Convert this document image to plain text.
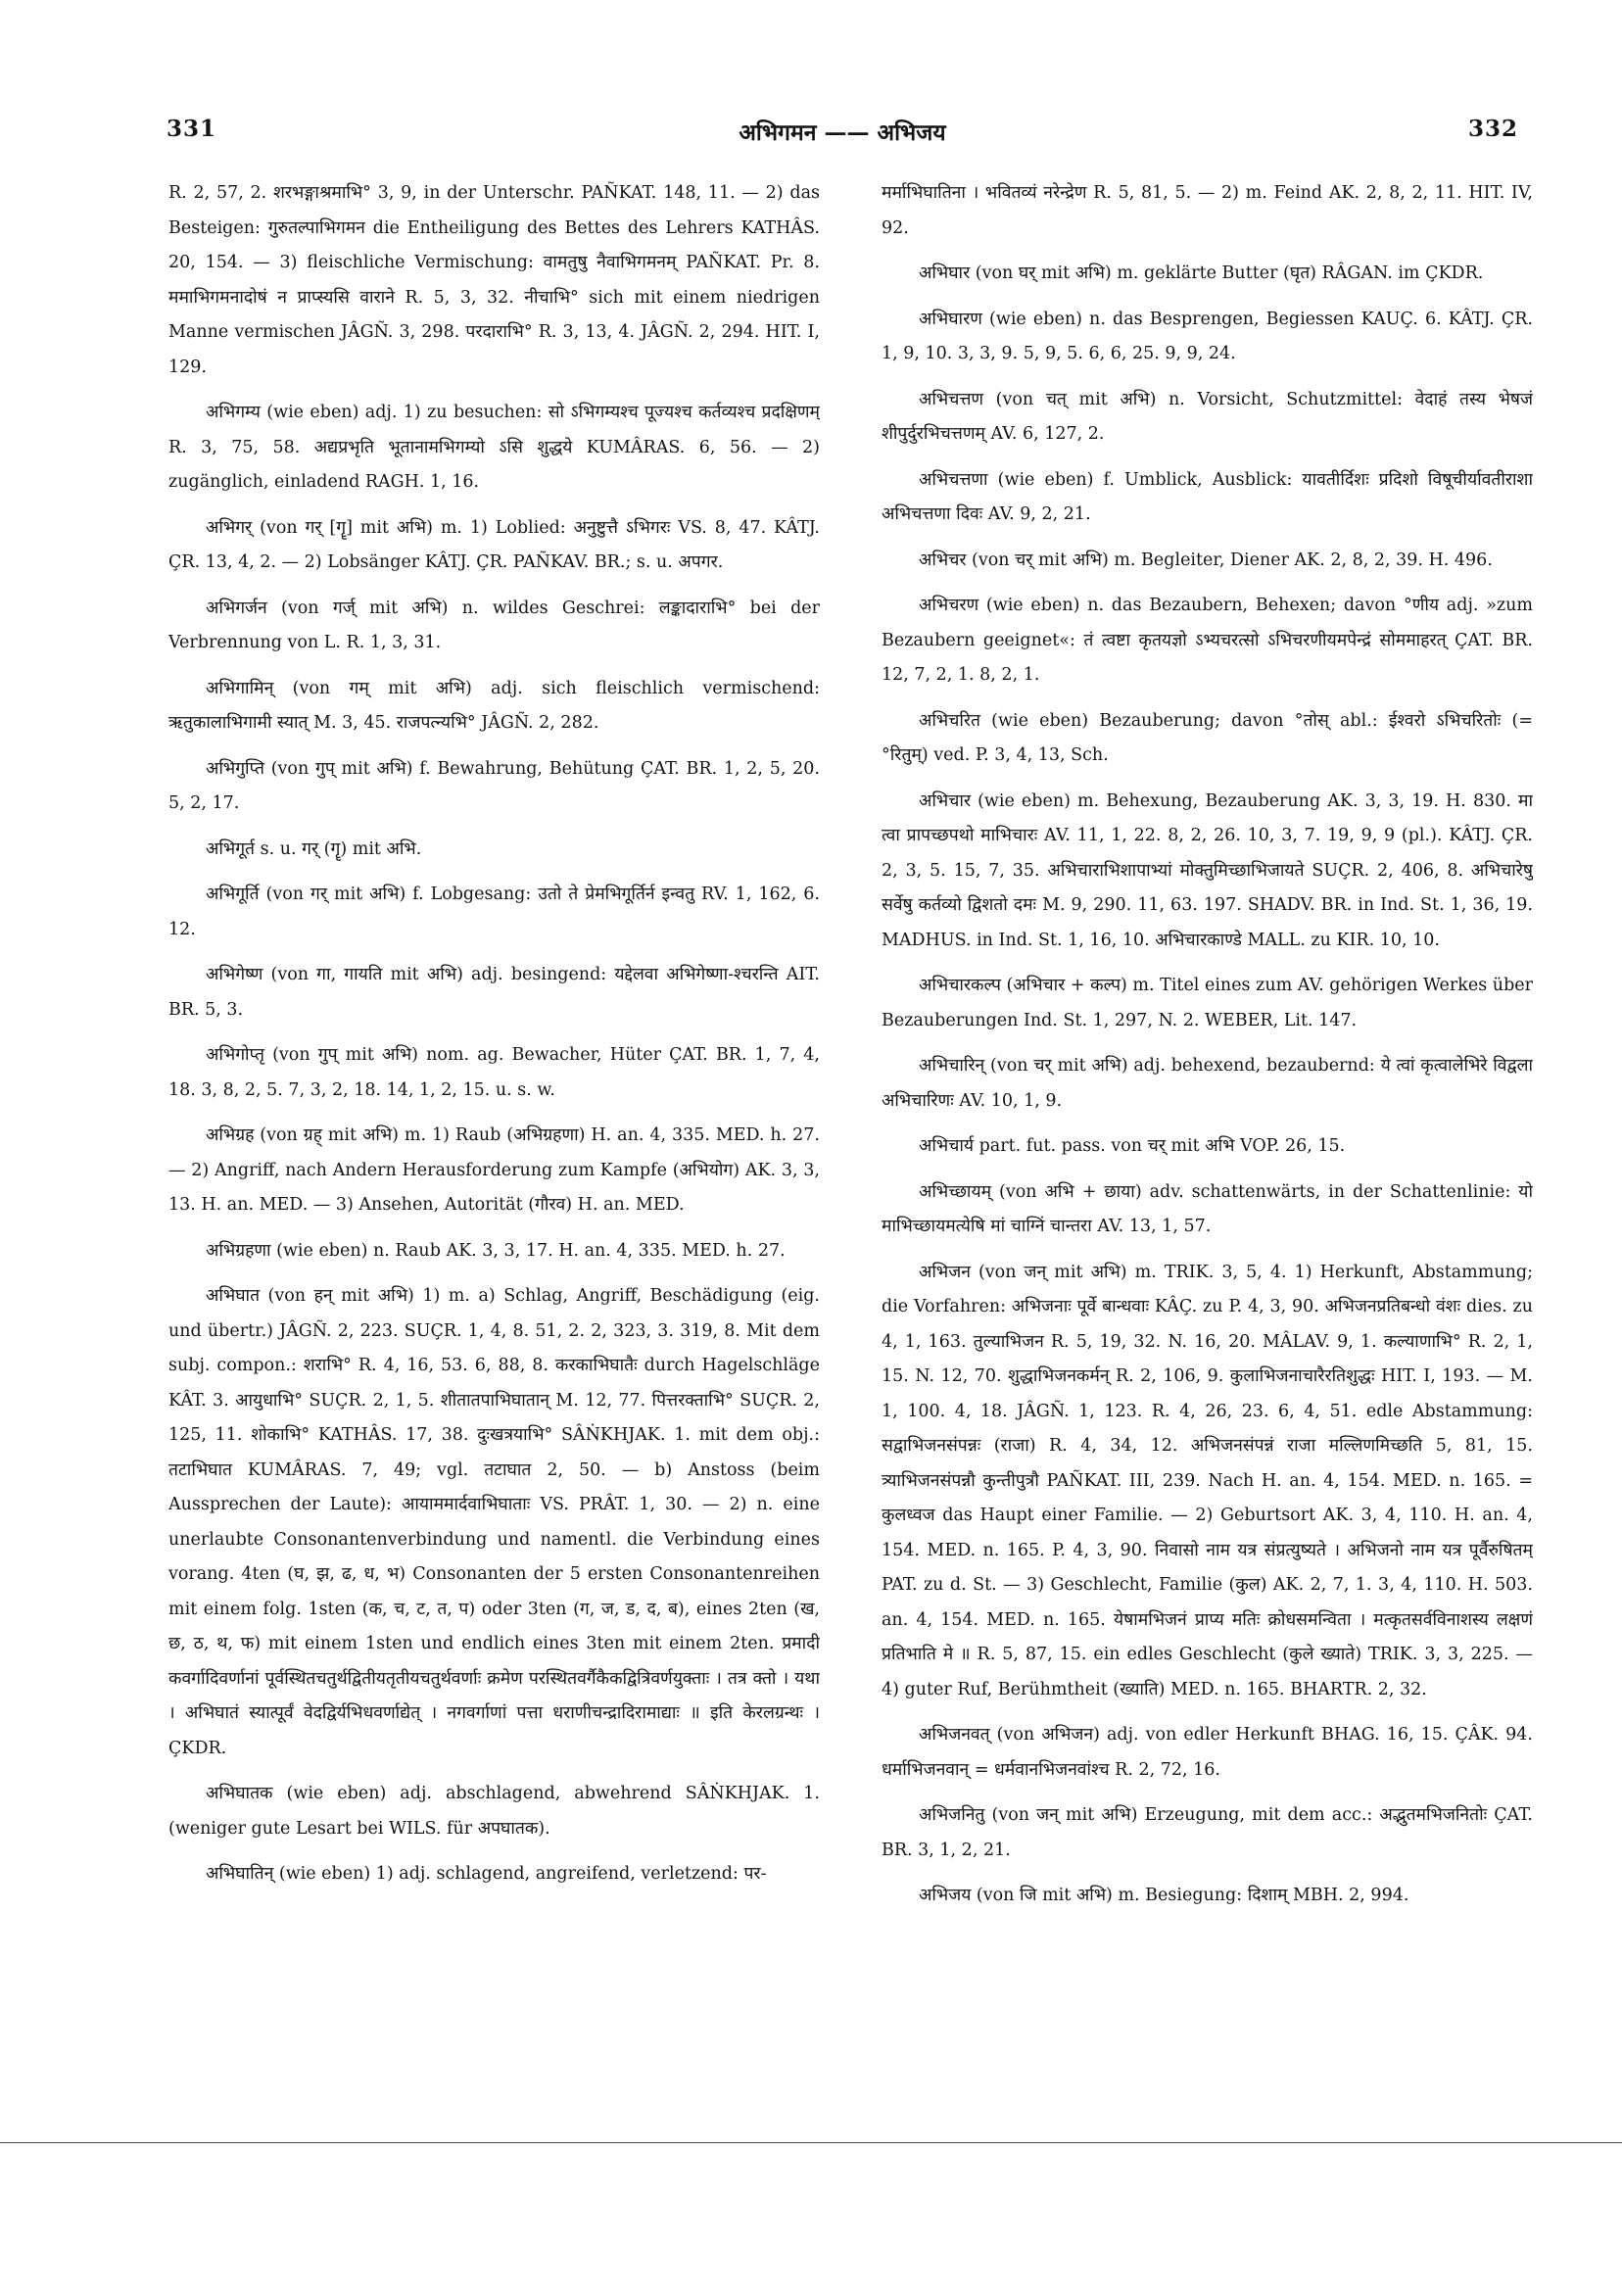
331	अभिगमन —— अभिजय	332

R. 2, 57, 2. शरभङ्गाश्रमाभि° 3, 9, in der Unterschr. PAÑKAT. 148, 11. — 2) das Besteigen: गुरुतल्पाभिगमन die Entheiligung des Bettes des Lehrers KATHÂS. 20, 154. — 3) fleischliche Vermischung: वामतुषु नैवाभिगमनम् PAÑKAT. Pr. 8. ममाभिगमनादोषं न प्राप्स्यसि वाराने R. 5, 3, 32. नीचाभि° sich mit einem niedrigen Manne vermischen JÂGÑ. 3, 298. परदाराभि° R. 3, 13, 4. JÂGÑ. 2, 294. HIT. I, 129.

अभिगम्य (wie eben) adj. 1) zu besuchen: सो ऽभिगम्यश्च पूज्यश्च कर्तव्यश्च प्रदक्षिणम् R. 3, 75, 58. अद्यप्रभृति भूतानामभिगम्यो ऽसि शुद्धये KUMÂRAS. 6, 56. — 2) zugänglich, einladend RAGH. 1, 16.

अभिगर् (von गर् [गॄ] mit अभि) m. 1) Loblied: अनुष्टुत्तै ऽभिगरः VS. 8, 47. KÂTJ. ÇR. 13, 4, 2. — 2) Lobsänger KÂTJ. ÇR. PAÑKAV. BR.; s. u. अपगर.

अभिगर्जन (von गर्ज् mit अभि) n. wildes Geschrei: लङ्कादाराभि° bei der Verbrennung von L. R. 1, 3, 31.

अभिगामिन् (von गम् mit अभि) adj. sich fleischlich vermischend: ऋतुकालाभिगामी स्यात् M. 3, 45. राजपत्न्यभि° JÂGÑ. 2, 282.

अभिगुप्ति (von गुप् mit अभि) f. Bewahrung, Behütung ÇAT. BR. 1, 2, 5, 20. 5, 2, 17.

अभिगूर्त s. u. गर् (गॄ) mit अभि.

अभिगूर्ति (von गर् mit अभि) f. Lobgesang: उतो ते प्रेमभिगूर्तिर्न इन्वतु RV. 1, 162, 6. 12.

अभिगेष्ण (von गा, गायति mit अभि) adj. besingend: यद्देलवा अभिगेष्णा-श्चरन्ति AIT. BR. 5, 3.

अभिगोप्तृ (von गुप् mit अभि) nom. ag. Bewacher, Hüter ÇAT. BR. 1, 7, 4, 18. 3, 8, 2, 5. 7, 3, 2, 18. 14, 1, 2, 15. u. s. w.

अभिग्रह (von ग्रह् mit अभि) m. 1) Raub (अभिग्रहणा) H. an. 4, 335. MED. h. 27. — 2) Angriff, nach Andern Herausforderung zum Kampfe (अभियोग) AK. 3, 3, 13. H. an. MED. — 3) Ansehen, Autorität (गौरव) H. an. MED.

अभिग्रहणा (wie eben) n. Raub AK. 3, 3, 17. H. an. 4, 335. MED. h. 27.

अभिघात (von हन् mit अभि) 1) m. a) Schlag, Angriff, Beschädigung (eig. und übertr.) JÂGÑ. 2, 223. SUÇR. 1, 4, 8. 51, 2. 2, 323, 3. 319, 8. Mit dem subj. compon.: शराभि° R. 4, 16, 53. 6, 88, 8. करकाभिघातैः durch Hagelschläge KÂT. 3. आयुधाभि° SUÇR. 2, 1, 5. शीतातपाभिघातान् M. 12, 77. पित्तरक्ताभि° SUÇR. 2, 125, 11. शोकाभि° KATHÂS. 17, 38. दुःखत्रयाभि° SÂṄKHJAK. 1. mit dem obj.: तटाभिघात KUMÂRAS. 7, 49; vgl. तटाघात 2, 50. — b) Anstoss (beim Aussprechen der Laute): आयाममार्दवाभिघाताः VS. PRÂT. 1, 30. — 2) n. eine unerlaubte Consonantenverbindung und namentl. die Verbindung eines vorang. 4ten (घ, झ, ढ, ध, भ) Consonanten der 5 ersten Consonantenreihen mit einem folg. 1sten (क, च, ट, त, प) oder 3ten (ग, ज, ड, द, ब), eines 2ten (ख, छ, ठ, थ, फ) mit einem 1sten und endlich eines 3ten mit einem 2ten. प्रमादी कवर्गादिवर्णानां पूर्वस्थितचतुर्थद्वितीयतृतीयचतुर्थवर्णाः क्रमेण परस्थितवर्गैकैकद्वित्रिवर्णयुक्ताः । तत्र क्तो । यथा । अभिघातं स्यात्पूर्वं वेदद्विर्यभिधवर्णाद्येत् । नगवर्गाणां पत्ता धराणीचन्द्रादिरामाद्याः ॥ इति केरलग्रन्थः । ÇKDR.

अभिघातक (wie eben) adj. abschlagend, abwehrend SÂṄKHJAK. 1. (weniger gute Lesart bei WILS. für अपघातक).

अभिघातिन् (wie eben) 1) adj. schlagend, angreifend, verletzend: पर-

मर्माभिघातिना । भवितव्यं नरेन्द्रेण R. 5, 81, 5. — 2) m. Feind AK. 2, 8, 2, 11. HIT. IV, 92.

अभिघार (von घर् mit अभि) m. geklärte Butter (घृत) RÂGAN. im ÇKDR.

अभिघारण (wie eben) n. das Besprengen, Begiessen KAUÇ. 6. KÂTJ. ÇR. 1, 9, 10. 3, 3, 9. 5, 9, 5. 6, 6, 25. 9, 9, 24.

अभिचत्तण (von चत् mit अभि) n. Vorsicht, Schutzmittel: वेदाहं तस्य भेषजं शीपुर्दुरभिचत्तणम् AV. 6, 127, 2.

अभिचत्तणा (wie eben) f. Umblick, Ausblick: यावतीर्दिशः प्रदिशो विषूचीर्यावतीराशा अभिचत्तणा दिवः AV. 9, 2, 21.

अभिचर (von चर् mit अभि) m. Begleiter, Diener AK. 2, 8, 2, 39. H. 496.

अभिचरण (wie eben) n. das Bezaubern, Behexen; davon °णीय adj. »zum Bezaubern geeignet«: तं त्वष्टा कृतयज्ञो ऽभ्यचरत्सो ऽभिचरणीयमपेन्द्रं सोममाहरत् ÇAT. BR. 12, 7, 2, 1. 8, 2, 1.

अभिचरित (wie eben) Bezauberung; davon °तोस् abl.: ईश्वरो ऽभिचरितोः (= °रितुम्) ved. P. 3, 4, 13, Sch.

अभिचार (wie eben) m. Behexung, Bezauberung AK. 3, 3, 19. H. 830. मा त्वा प्रापच्छपथो माभिचारः AV. 11, 1, 22. 8, 2, 26. 10, 3, 7. 19, 9, 9 (pl.). KÂTJ. ÇR. 2, 3, 5. 15, 7, 35. अभिचाराभिशापाभ्यां मोक्तुमिच्छाभिजायते SUÇR. 2, 406, 8. अभिचारेषु सर्वेषु कर्तव्यो द्विशतो दमः M. 9, 290. 11, 63. 197. SHADV. BR. in Ind. St. 1, 36, 19. MADHUS. in Ind. St. 1, 16, 10. अभिचारकाण्डे MALL. zu KIR. 10, 10.

अभिचारकल्प (अभिचार + कल्प) m. Titel eines zum AV. gehörigen Werkes über Bezauberungen Ind. St. 1, 297, N. 2. WEBER, Lit. 147.

अभिचारिन् (von चर् mit अभि) adj. behexend, bezaubernd: ये त्वां कृत्वालेभिरे विद्वला अभिचारिणः AV. 10, 1, 9.

अभिचार्य part. fut. pass. von चर् mit अभि VOP. 26, 15.

अभिच्छायम् (von अभि + छाया) adv. schattenwärts, in der Schattenlinie: यो माभिच्छायमत्येषि मां चाग्निं चान्तरा AV. 13, 1, 57.

अभिजन (von जन् mit अभि) m. TRIK. 3, 5, 4. 1) Herkunft, Abstammung; die Vorfahren: अभिजनाः पूर्वे बान्धवाः KÂÇ. zu P. 4, 3, 90. अभिजनप्रतिबन्धो वंशः dies. zu 4, 1, 163. तुल्याभिजन R. 5, 19, 32. N. 16, 20. MÂLAV. 9, 1. कल्याणाभि° R. 2, 1, 15. N. 12, 70. शुद्धाभिजनकर्मन् R. 2, 106, 9. कुलाभिजनाचारैरतिशुद्धः HIT. I, 193. — M. 1, 100. 4, 18. JÂGÑ. 1, 123. R. 4, 26, 23. 6, 4, 51. edle Abstammung: सद्वाभिजनसंपन्नः (राजा) R. 4, 34, 12. अभिजनसंपन्नं राजा मल्लिणमिच्छति 5, 81, 15. त्र्याभिजनसंपन्नौ कुन्तीपुत्रौ PAÑKAT. III, 239. Nach H. an. 4, 154. MED. n. 165. = कुलध्वज das Haupt einer Familie. — 2) Geburtsort AK. 3, 4, 110. H. an. 4, 154. MED. n. 165. P. 4, 3, 90. निवासो नाम यत्र संप्रत्युष्यते । अभिजनो नाम यत्र पूर्वैरुषितम् PAT. zu d. St. — 3) Geschlecht, Familie (कुल) AK. 2, 7, 1. 3, 4, 110. H. 503. an. 4, 154. MED. n. 165. येषामभिजनं प्राप्य मतिः क्रोधसमन्विता । मत्कृतसर्वविनाशस्य लक्षणं प्रतिभाति मे ॥ R. 5, 87, 15. ein edles Geschlecht (कुले ख्याते) TRIK. 3, 3, 225. — 4) guter Ruf, Berühmtheit (ख्याति) MED. n. 165. BHARTR. 2, 32.

अभिजनवत् (von अभिजन) adj. von edler Herkunft BHAG. 16, 15. ÇÂK. 94. धर्माभिजनवान् = धर्मवानभिजनवांश्च R. 2, 72, 16.

अभिजनितु (von जन् mit अभि) Erzeugung, mit dem acc.: अद्भुतमभिजनितोः ÇAT. BR. 3, 1, 2, 21.

अभिजय (von जि mit अभि) m. Besiegung: दिशाम् MBH. 2, 994.
